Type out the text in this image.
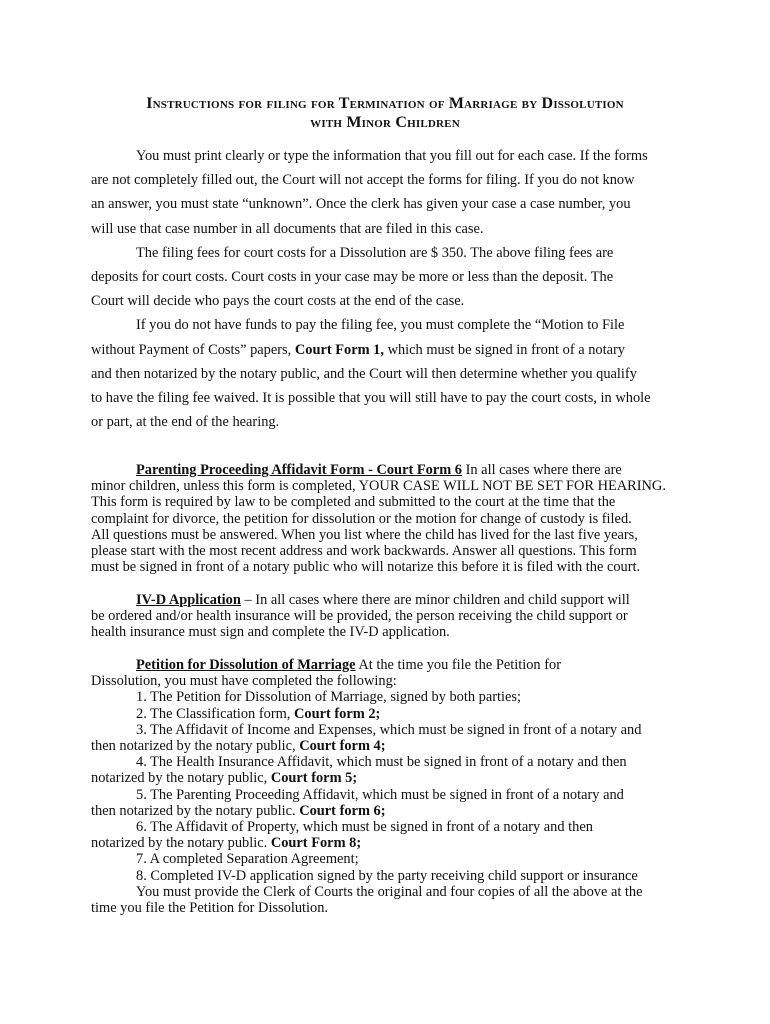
Instructions for filing for Termination of Marriage by Dissolution
with Minor Children
You must print clearly or type the information that you fill out for each case. If the forms
are not completely filled out, the Court will not accept the forms for filing. If you do not know
an answer, you must state “unknown”. Once the clerk has given your case a case number, you
will use that case number in all documents that are filed in this case.
The filing fees for court costs for a Dissolution are $ 350. The above filing fees are
deposits for court costs. Court costs in your case may be more or less than the deposit. The
Court will decide who pays the court costs at the end of the case.
If you do not have funds to pay the filing fee, you must complete the “Motion to File
without Payment of Costs” papers, Court Form 1, which must be signed in front of a notary
and then notarized by the notary public, and the Court will then determine whether you qualify
to have the filing fee waived. It is possible that you will still have to pay the court costs, in whole
or part, at the end of the hearing.
Parenting Proceeding Affidavit Form - Court Form 6 In all cases where there are
minor children, unless this form is completed, YOUR CASE WILL NOT BE SET FOR HEARING.
This form is required by law to be completed and submitted to the court at the time that the
complaint for divorce, the petition for dissolution or the motion for change of custody is filed.
All questions must be answered. When you list where the child has lived for the last five years,
please start with the most recent address and work backwards. Answer all questions. This form
must be signed in front of a notary public who will notarize this before it is filed with the court.
IV-D Application – In all cases where there are minor children and child support will
be ordered and/or health insurance will be provided, the person receiving the child support or
health insurance must sign and complete the IV-D application.
Petition for Dissolution of Marriage At the time you file the Petition for
Dissolution, you must have completed the following:
1. The Petition for Dissolution of Marriage, signed by both parties;
2. The Classification form, Court form 2;
3. The Affidavit of Income and Expenses, which must be signed in front of a notary and
then notarized by the notary public, Court form 4;
4. The Health Insurance Affidavit, which must be signed in front of a notary and then
notarized by the notary public, Court form 5;
5. The Parenting Proceeding Affidavit, which must be signed in front of a notary and
then notarized by the notary public. Court form 6;
6. The Affidavit of Property, which must be signed in front of a notary and then
notarized by the notary public. Court Form 8;
7. A completed Separation Agreement;
8. Completed IV-D application signed by the party receiving child support or insurance
You must provide the Clerk of Courts the original and four copies of all the above at the
time you file the Petition for Dissolution.
